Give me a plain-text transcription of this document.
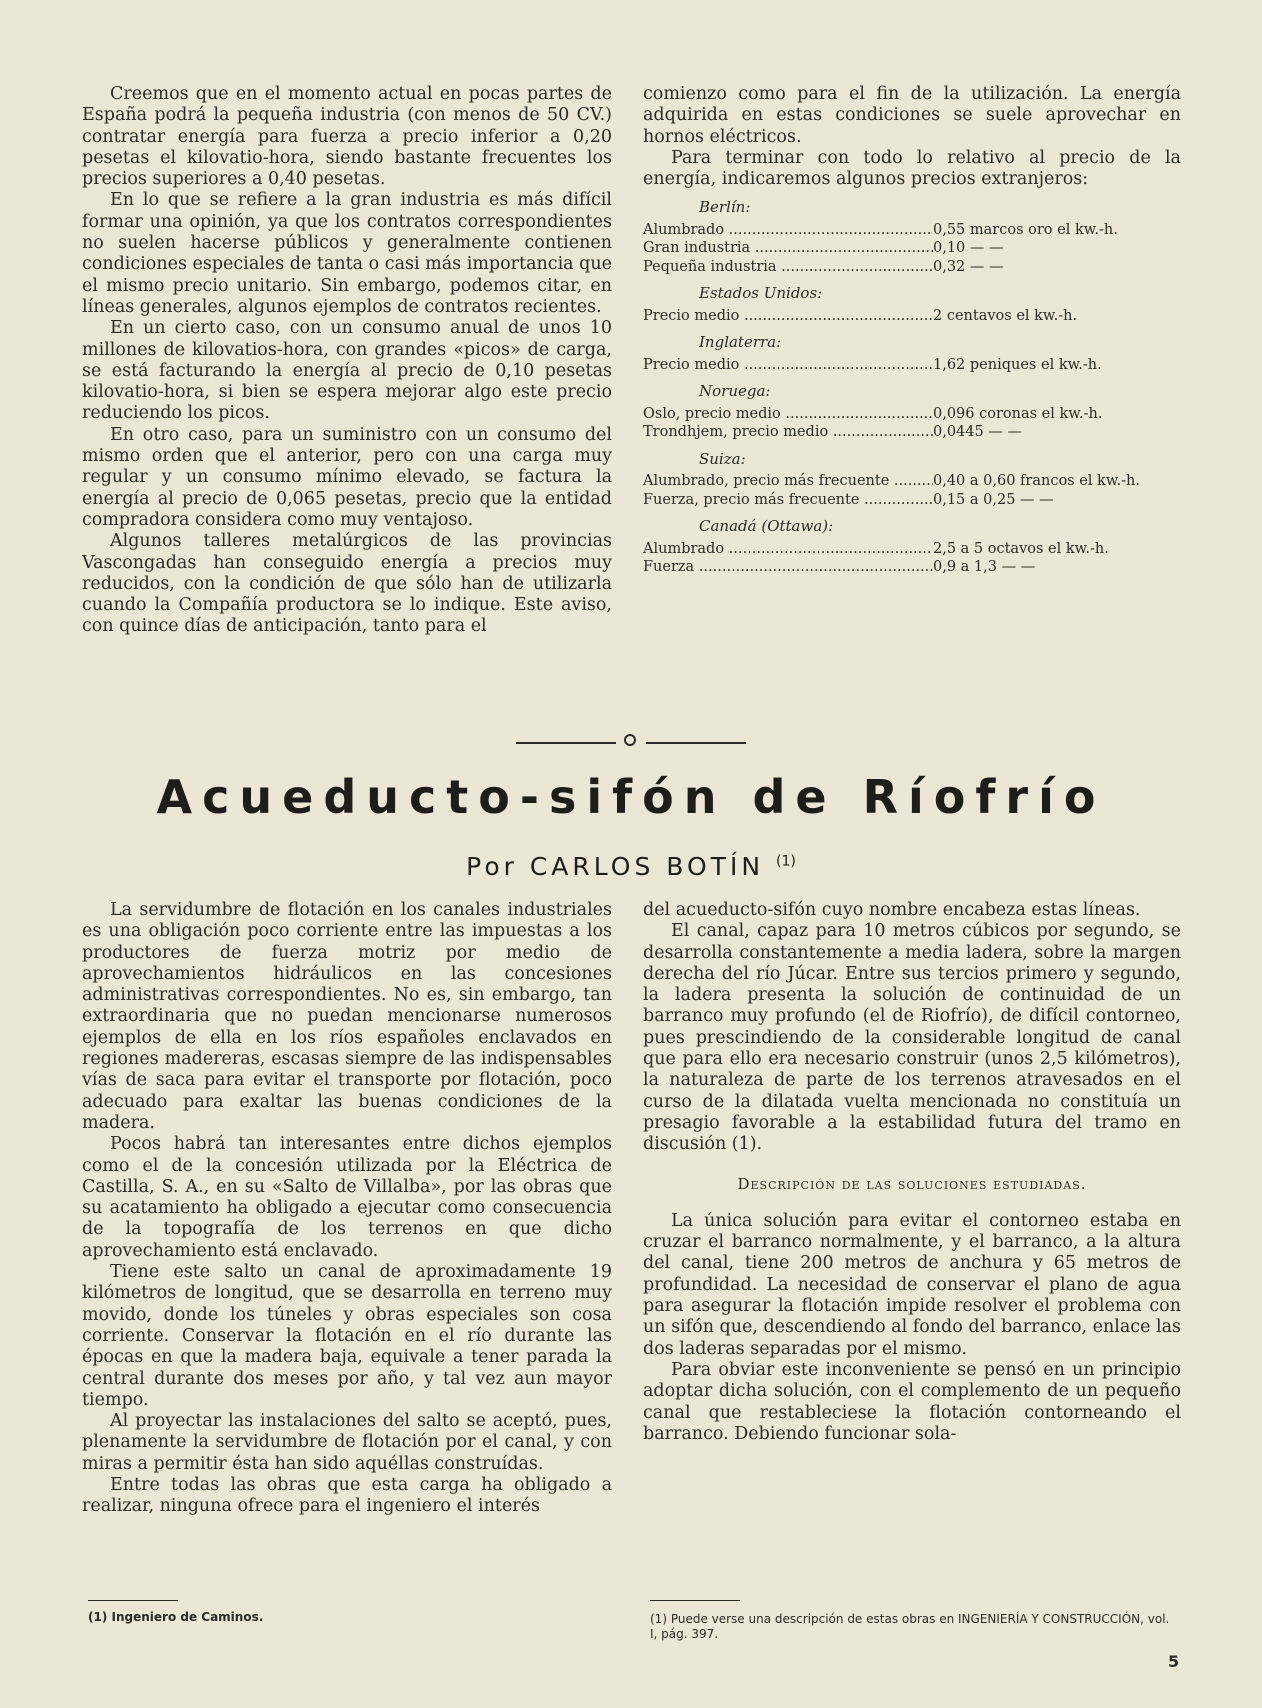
Creemos que en el momento actual en pocas partes de España podrá la pequeña industria (con menos de 50 CV.) contratar energía para fuerza a precio inferior a 0,20 pesetas el kilovatio-hora, siendo bastante frecuentes los precios superiores a 0,40 pesetas.

En lo que se refiere a la gran industria es más difícil formar una opinión, ya que los contratos correspondientes no suelen hacerse públicos y generalmente contienen condiciones especiales de tanta o casi más importancia que el mismo precio unitario. Sin embargo, podemos citar, en líneas generales, algunos ejemplos de contratos recientes.

En un cierto caso, con un consumo anual de unos 10 millones de kilovatios-hora, con grandes «picos» de carga, se está facturando la energía al precio de 0,10 pesetas kilovatio-hora, si bien se espera mejorar algo este precio reduciendo los picos.

En otro caso, para un suministro con un consumo del mismo orden que el anterior, pero con una carga muy regular y un consumo mínimo elevado, se factura la energía al precio de 0,065 pesetas, precio que la entidad compradora considera como muy ventajoso.

Algunos talleres metalúrgicos de las provincias Vascongadas han conseguido energía a precios muy reducidos, con la condición de que sólo han de utilizarla cuando la Compañía productora se lo indique. Este aviso, con quince días de anticipación, tanto para el

comienzo como para el fin de la utilización. La energía adquirida en estas condiciones se suele aprovechar en hornos eléctricos.

Para terminar con todo lo relativo al precio de la energía, indicaremos algunos precios extranjeros:

Berlín:
Alumbrado .....	0,55 marcos oro el kw.-h.
Gran industria .....	0,10 — —
Pequeña industria .....	0,32 — —
Estados Unidos:
Precio medio .....	2 centavos el kw.-h.
Inglaterra:
Precio medio .....	1,62 peniques el kw.-h.
Noruega:
Oslo, precio medio .....	0,096 coronas el kw.-h.
Trondhjem, precio medio .....	0,0445 — —
Suiza:
Alumbrado, precio más frecuente .....	0,40 a 0,60 francos el kw.-h.
Fuerza, precio más frecuente .....	0,15 a 0,25 — —
Canadá (Ottawa):
Alumbrado .....	2,5 a 5 octavos el kw.-h.
Fuerza .....	0,9 a 1,3 — —
Acueducto-sifón de Ríofrío
Por CARLOS BOTÍN $^{(1)}$

La servidumbre de flotación en los canales industriales es una obligación poco corriente entre las impuestas a los productores de fuerza motriz por medio de aprovechamientos hidráulicos en las concesiones administrativas correspondientes. No es, sin embargo, tan extraordinaria que no puedan mencionarse numerosos ejemplos de ella en los ríos españoles enclavados en regiones madereras, escasas siempre de las indispensables vías de saca para evitar el transporte por flotación, poco adecuado para exaltar las buenas condiciones de la madera.

Pocos habrá tan interesantes entre dichos ejemplos como el de la concesión utilizada por la Eléctrica de Castilla, S. A., en su «Salto de Villalba», por las obras que su acatamiento ha obligado a ejecutar como consecuencia de la topografía de los terrenos en que dicho aprovechamiento está enclavado.

Tiene este salto un canal de aproximadamente 19 kilómetros de longitud, que se desarrolla en terreno muy movido, donde los túneles y obras especiales son cosa corriente. Conservar la flotación en el río durante las épocas en que la madera baja, equivale a tener parada la central durante dos meses por año, y tal vez aun mayor tiempo.

Al proyectar las instalaciones del salto se aceptó, pues, plenamente la servidumbre de flotación por el canal, y con miras a permitir ésta han sido aquéllas construídas.

Entre todas las obras que esta carga ha obligado a realizar, ninguna ofrece para el ingeniero el interés

del acueducto-sifón cuyo nombre encabeza estas líneas.

El canal, capaz para 10 metros cúbicos por segundo, se desarrolla constantemente a media ladera, sobre la margen derecha del río Júcar. Entre sus tercios primero y segundo, la ladera presenta la solución de continuidad de un barranco muy profundo (el de Riofrío), de difícil contorneo, pues prescindiendo de la considerable longitud de canal que para ello era necesario construir (unos 2,5 kilómetros), la naturaleza de parte de los terrenos atravesados en el curso de la dilatada vuelta mencionada no constituía un presagio favorable a la estabilidad futura del tramo en discusión (1).

Descripción de las soluciones estudiadas.

La única solución para evitar el contorneo estaba en cruzar el barranco normalmente, y el barranco, a la altura del canal, tiene 200 metros de anchura y 65 metros de profundidad. La necesidad de conservar el plano de agua para asegurar la flotación impide resolver el problema con un sifón que, descendiendo al fondo del barranco, enlace las dos laderas separadas por el mismo.

Para obviar este inconveniente se pensó en un principio adoptar dicha solución, con el complemento de un pequeño canal que restableciese la flotación contorneando el barranco. Debiendo funcionar sola-

(1) Ingeniero de Caminos.	(1) Puede verse una descripción de estas obras en INGENIERÍA Y CONSTRUCCIÓN, vol. I, pág. 397.
5
